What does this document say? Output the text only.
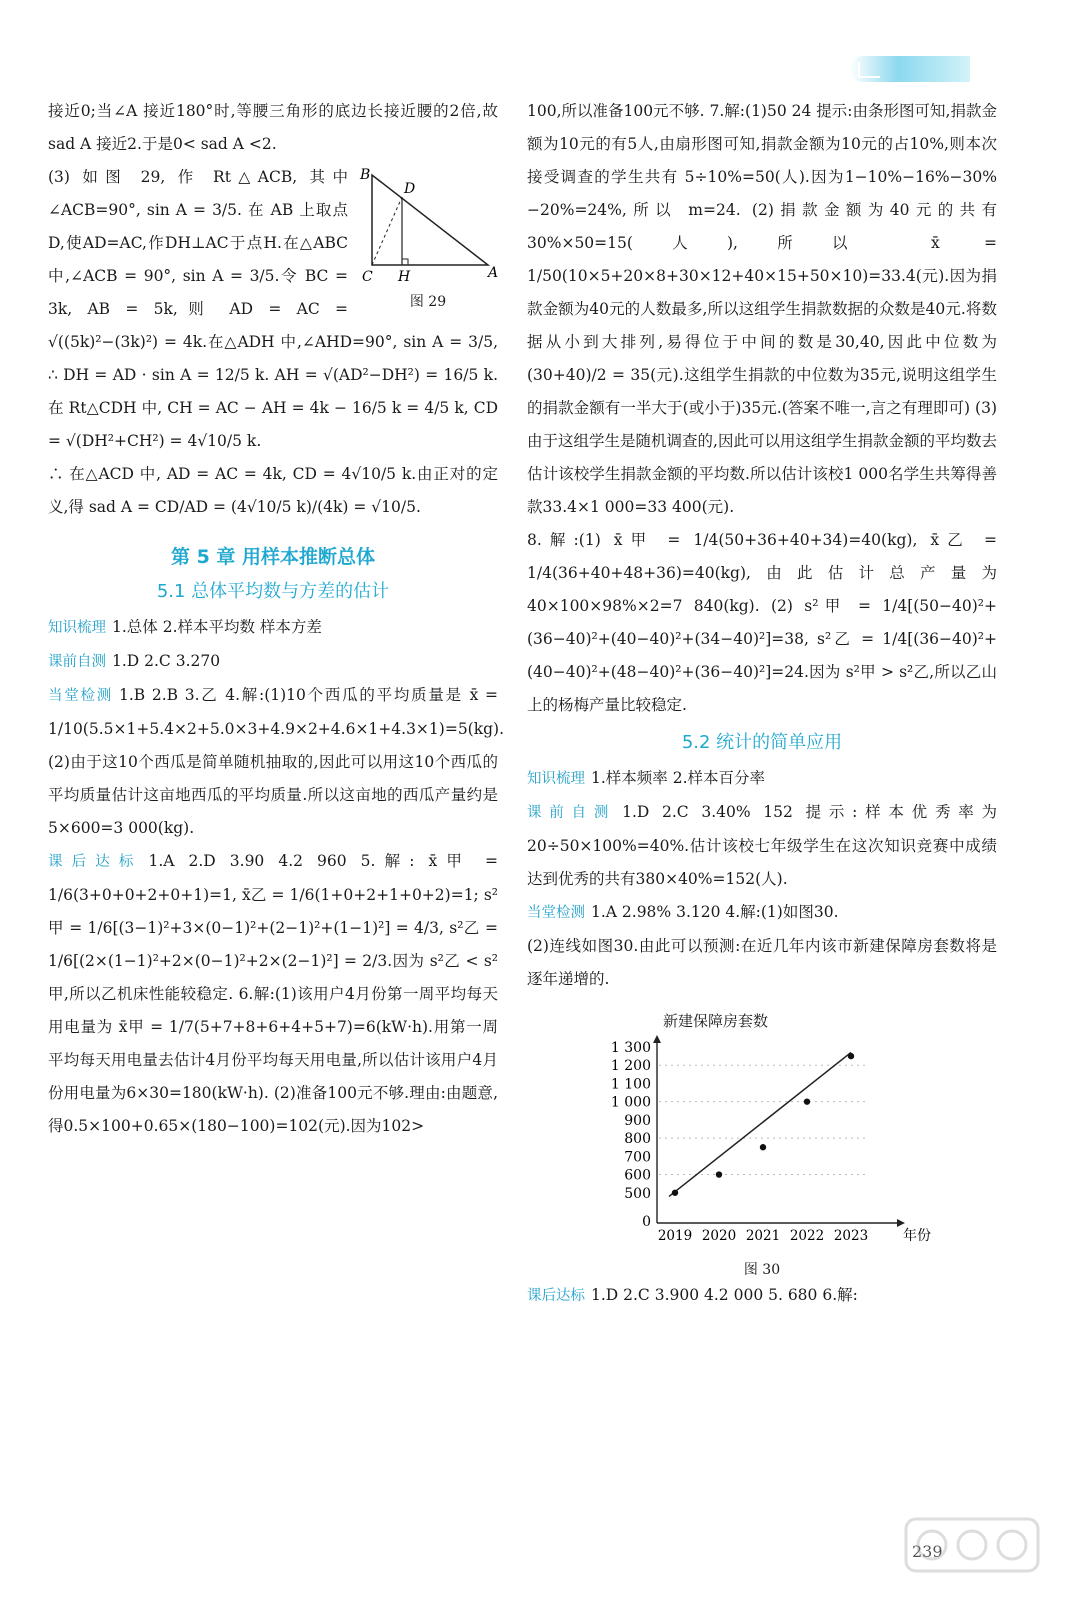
接近0;当∠A 接近180°时,等腰三角形的底边长接近腰的2倍,故 sad A 接近2.于是0< sad A <2.

B
D
C H	A
图 29

(3) 如图 29, 作 Rt△ACB, 其中∠ACB=90°, sin A = 3/5. 在 AB 上取点D,使AD=AC,作DH⊥AC于点H.在△ABC中,∠ACB = 90°, sin A = 3/5.令 BC = 3k, AB = 5k,则 AD = AC = √((5k)²−(3k)²) = 4k.在△ADH 中,∠AHD=90°, sin A = 3/5, ∴ DH = AD · sin A = 12/5 k. AH = √(AD²−DH²) = 16/5 k.在 Rt△CDH 中, CH = AC − AH = 4k − 16/5 k = 4/5 k, CD = √(DH²+CH²) = 4√10/5 k.

∴ 在△ACD 中, AD = AC = 4k, CD = 4√10/5 k.由正对的定义,得 sad A = CD/AD = (4√10/5 k)/(4k) = √10/5.

第 5 章 用样本推断总体
5.1 总体平均数与方差的估计

知识梳理 1.总体 2.样本平均数 样本方差

课前自测 1.D 2.C 3.270

当堂检测 1.B 2.B 3.乙 4.解:(1)10个西瓜的平均质量是 x̄ = 1/10(5.5×1+5.4×2+5.0×3+4.9×2+4.6×1+4.3×1)=5(kg). (2)由于这10个西瓜是简单随机抽取的,因此可以用这10个西瓜的平均质量估计这亩地西瓜的平均质量.所以这亩地的西瓜产量约是5×600=3 000(kg).

课后达标 1.A 2.D 3.90 4.2 960 5.解: x̄甲 = 1/6(3+0+0+2+0+1)=1, x̄乙 = 1/6(1+0+2+1+0+2)=1; s²甲 = 1/6[(3−1)²+3×(0−1)²+(2−1)²+(1−1)²] = 4/3, s²乙 = 1/6[(2×(1−1)²+2×(0−1)²+2×(2−1)²] = 2/3.因为 s²乙 < s²甲,所以乙机床性能较稳定. 6.解:(1)该用户4月份第一周平均每天用电量为 x̄甲 = 1/7(5+7+8+6+4+5+7)=6(kW·h).用第一周平均每天用电量去估计4月份平均每天用电量,所以估计该用户4月份用电量为6×30=180(kW·h). (2)准备100元不够.理由:由题意,得0.5×100+0.65×(180−100)=102(元).因为102>

100,所以准备100元不够. 7.解:(1)50 24 提示:由条形图可知,捐款金额为10元的有5人,由扇形图可知,捐款金额为10元的占10%,则本次接受调查的学生共有 5÷10%=50(人).因为1−10%−16%−30%−20%=24%,所以 m=24. (2)捐款金额为40元的共有30%×50=15(人),所以 x̄ = 1/50(10×5+20×8+30×12+40×15+50×10)=33.4(元).因为捐款金额为40元的人数最多,所以这组学生捐款数据的众数是40元.将数据从小到大排列,易得位于中间的数是30,40,因此中位数为 (30+40)/2 = 35(元).这组学生捐款的中位数为35元,说明这组学生的捐款金额有一半大于(或小于)35元.(答案不唯一,言之有理即可) (3)由于这组学生是随机调查的,因此可以用这组学生捐款金额的平均数去估计该校学生捐款金额的平均数.所以估计该校1 000名学生共筹得善款33.4×1 000=33 400(元).

8.解:(1) x̄甲 = 1/4(50+36+40+34)=40(kg), x̄乙 = 1/4(36+40+48+36)=40(kg),由此估计总产量为40×100×98%×2=7 840(kg). (2) s²甲 = 1/4[(50−40)²+(36−40)²+(40−40)²+(34−40)²]=38, s²乙 = 1/4[(36−40)²+(40−40)²+(48−40)²+(36−40)²]=24.因为 s²甲 > s²乙,所以乙山上的杨梅产量比较稳定.

5.2 统计的简单应用

知识梳理 1.样本频率 2.样本百分率

课前自测 1.D 2.C 3.40% 152 提示:样本优秀率为20÷50×100%=40%.估计该校七年级学生在这次知识竞赛中成绩达到优秀的共有380×40%=152(人).

当堂检测 1.A 2.98% 3.120 4.解:(1)如图30.

(2)连线如图30.由此可以预测:在近几年内该市新建保障房套数将是逐年递增的.

新建保障房套数
0
500
600
700
800
900
1 000
1 100
1 200
1 300
2019 2020 2021 2022 2023 年份
图 30

课后达标 1.D 2.C 3.900 4.2 000 5. 680 6.解:

239
